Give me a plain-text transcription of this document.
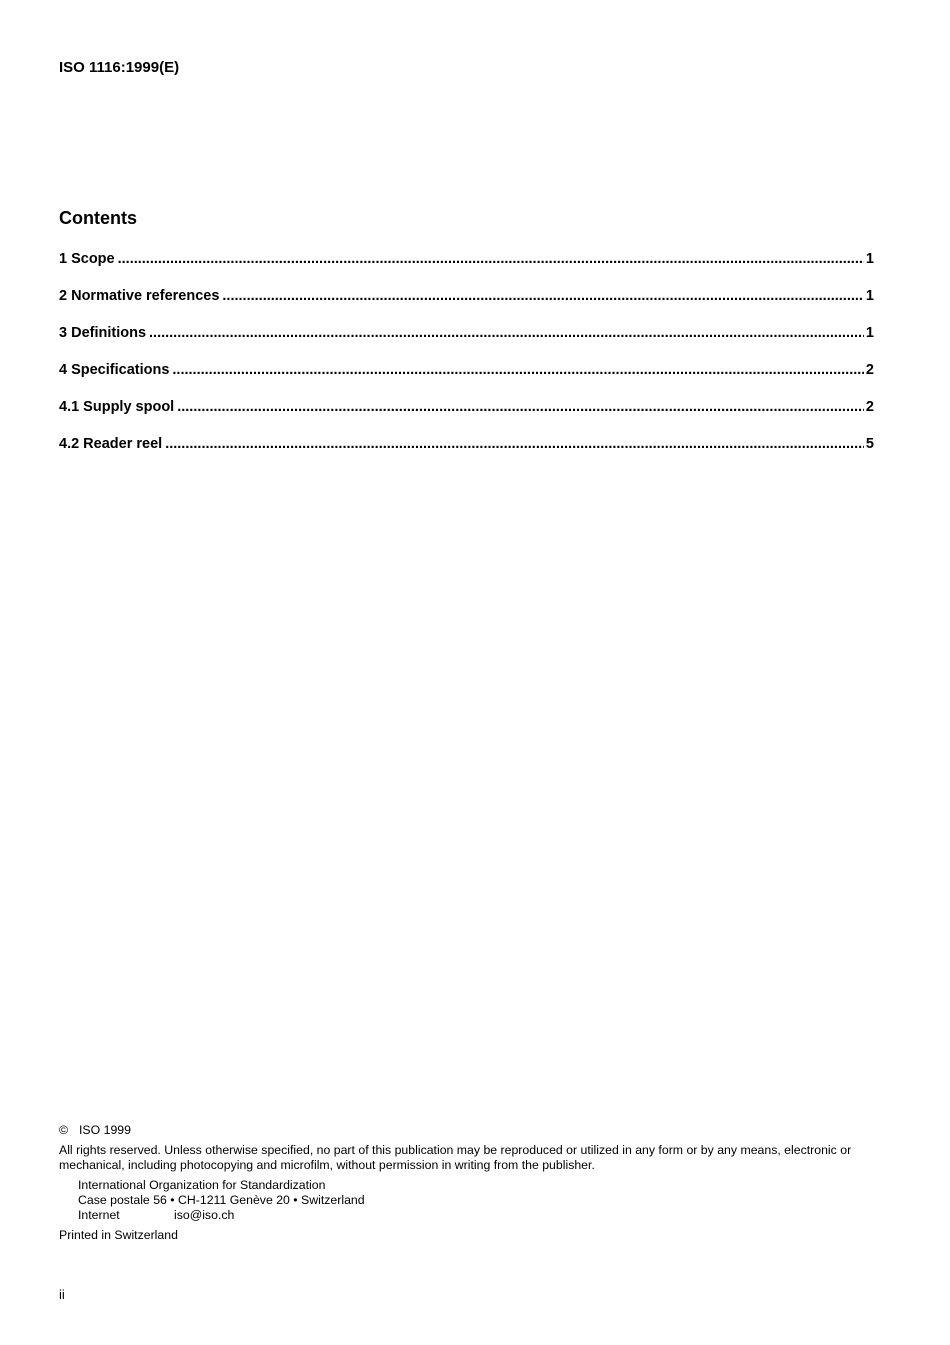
ISO 1116:1999(E)
Contents
1 Scope .....	1
2 Normative references .....	1
3 Definitions .....	1
4 Specifications .....	2
4.1 Supply spool .....	2
4.2 Reader reel .....	5
© ISO 1999
All rights reserved. Unless otherwise specified, no part of this publication may be reproduced or utilized in any form or by any means, electronic or mechanical, including photocopying and microfilm, without permission in writing from the publisher.
International Organization for Standardization
Case postale 56 • CH-1211 Genève 20 • Switzerland
Internet	iso@iso.ch
Printed in Switzerland
ii
